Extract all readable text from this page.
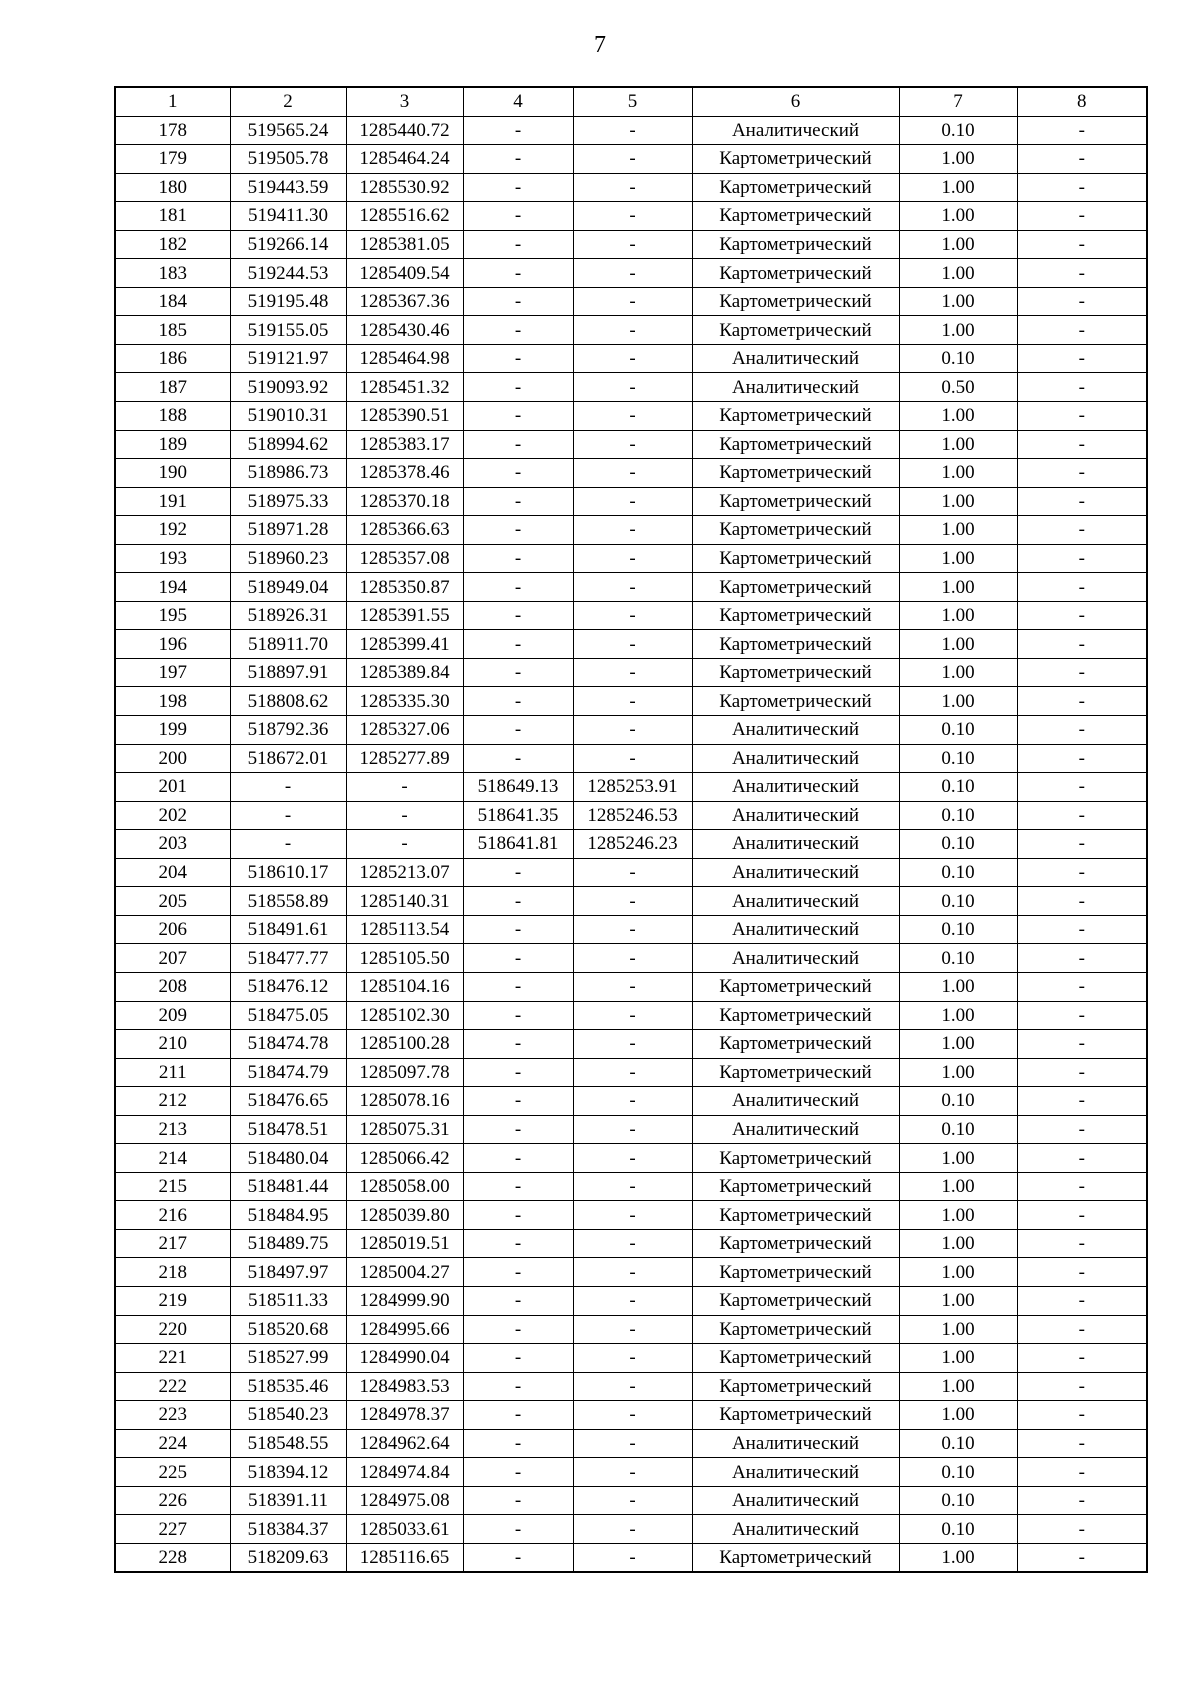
7
1	2	3	4	5	6	7	8
178	519565.24	1285440.72	-	-	Аналитический	0.10	-
179	519505.78	1285464.24	-	-	Картометрический	1.00	-
180	519443.59	1285530.92	-	-	Картометрический	1.00	-
181	519411.30	1285516.62	-	-	Картометрический	1.00	-
182	519266.14	1285381.05	-	-	Картометрический	1.00	-
183	519244.53	1285409.54	-	-	Картометрический	1.00	-
184	519195.48	1285367.36	-	-	Картометрический	1.00	-
185	519155.05	1285430.46	-	-	Картометрический	1.00	-
186	519121.97	1285464.98	-	-	Аналитический	0.10	-
187	519093.92	1285451.32	-	-	Аналитический	0.50	-
188	519010.31	1285390.51	-	-	Картометрический	1.00	-
189	518994.62	1285383.17	-	-	Картометрический	1.00	-
190	518986.73	1285378.46	-	-	Картометрический	1.00	-
191	518975.33	1285370.18	-	-	Картометрический	1.00	-
192	518971.28	1285366.63	-	-	Картометрический	1.00	-
193	518960.23	1285357.08	-	-	Картометрический	1.00	-
194	518949.04	1285350.87	-	-	Картометрический	1.00	-
195	518926.31	1285391.55	-	-	Картометрический	1.00	-
196	518911.70	1285399.41	-	-	Картометрический	1.00	-
197	518897.91	1285389.84	-	-	Картометрический	1.00	-
198	518808.62	1285335.30	-	-	Картометрический	1.00	-
199	518792.36	1285327.06	-	-	Аналитический	0.10	-
200	518672.01	1285277.89	-	-	Аналитический	0.10	-
201	-	-	518649.13	1285253.91	Аналитический	0.10	-
202	-	-	518641.35	1285246.53	Аналитический	0.10	-
203	-	-	518641.81	1285246.23	Аналитический	0.10	-
204	518610.17	1285213.07	-	-	Аналитический	0.10	-
205	518558.89	1285140.31	-	-	Аналитический	0.10	-
206	518491.61	1285113.54	-	-	Аналитический	0.10	-
207	518477.77	1285105.50	-	-	Аналитический	0.10	-
208	518476.12	1285104.16	-	-	Картометрический	1.00	-
209	518475.05	1285102.30	-	-	Картометрический	1.00	-
210	518474.78	1285100.28	-	-	Картометрический	1.00	-
211	518474.79	1285097.78	-	-	Картометрический	1.00	-
212	518476.65	1285078.16	-	-	Аналитический	0.10	-
213	518478.51	1285075.31	-	-	Аналитический	0.10	-
214	518480.04	1285066.42	-	-	Картометрический	1.00	-
215	518481.44	1285058.00	-	-	Картометрический	1.00	-
216	518484.95	1285039.80	-	-	Картометрический	1.00	-
217	518489.75	1285019.51	-	-	Картометрический	1.00	-
218	518497.97	1285004.27	-	-	Картометрический	1.00	-
219	518511.33	1284999.90	-	-	Картометрический	1.00	-
220	518520.68	1284995.66	-	-	Картометрический	1.00	-
221	518527.99	1284990.04	-	-	Картометрический	1.00	-
222	518535.46	1284983.53	-	-	Картометрический	1.00	-
223	518540.23	1284978.37	-	-	Картометрический	1.00	-
224	518548.55	1284962.64	-	-	Аналитический	0.10	-
225	518394.12	1284974.84	-	-	Аналитический	0.10	-
226	518391.11	1284975.08	-	-	Аналитический	0.10	-
227	518384.37	1285033.61	-	-	Аналитический	0.10	-
228	518209.63	1285116.65	-	-	Картометрический	1.00	-
